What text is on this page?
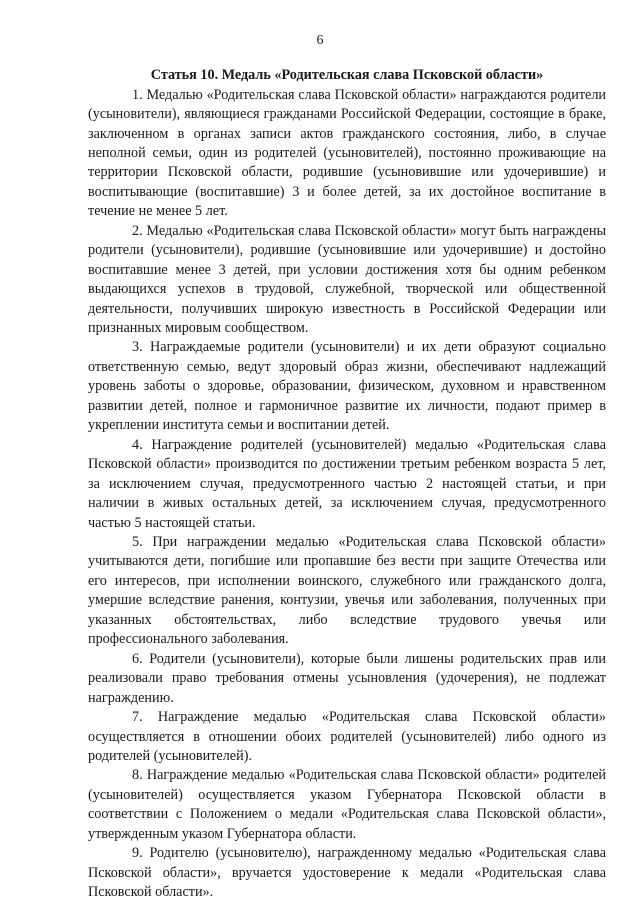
6
Статья 10. Медаль «Родительская слава Псковской области»

1. Медалью «Родительская слава Псковской области» награждаются родители (усыновители), являющиеся гражданами Российской Федерации, состоящие в браке, заключенном в органах записи актов гражданского состояния, либо, в случае неполной семьи, один из родителей (усыновителей), постоянно проживающие на территории Псковской области, родившие (усыновившие или удочерившие) и воспитывающие (воспитавшие) 3 и более детей, за их достойное воспитание в течение не менее 5 лет.

2. Медалью «Родительская слава Псковской области» могут быть награждены родители (усыновители), родившие (усыновившие или удочерившие) и достойно воспитавшие менее 3 детей, при условии достижения хотя бы одним ребенком выдающихся успехов в трудовой, служебной, творческой или общественной деятельности, получивших широкую известность в Российской Федерации или признанных мировым сообществом.

3. Награждаемые родители (усыновители) и их дети образуют социально ответственную семью, ведут здоровый образ жизни, обеспечивают надлежащий уровень заботы о здоровье, образовании, физическом, духовном и нравственном развитии детей, полное и гармоничное развитие их личности, подают пример в укреплении института семьи и воспитании детей.

4. Награждение родителей (усыновителей) медалью «Родительская слава Псковской области» производится по достижении третьим ребенком возраста 5 лет, за исключением случая, предусмотренного частью 2 настоящей статьи, и при наличии в живых остальных детей, за исключением случая, предусмотренного частью 5 настоящей статьи.

5. При награждении медалью «Родительская слава Псковской области» учитываются дети, погибшие или пропавшие без вести при защите Отечества или его интересов, при исполнении воинского, служебного или гражданского долга, умершие вследствие ранения, контузии, увечья или заболевания, полученных при указанных обстоятельствах, либо вследствие трудового увечья или профессионального заболевания.

6. Родители (усыновители), которые были лишены родительских прав или реализовали право требования отмены усыновления (удочерения), не подлежат награждению.

7. Награждение медалью «Родительская слава Псковской области» осуществляется в отношении обоих родителей (усыновителей) либо одного из родителей (усыновителей).

8. Награждение медалью «Родительская слава Псковской области» родителей (усыновителей) осуществляется указом Губернатора Псковской области в соответствии с Положением о медали «Родительская слава Псковской области», утвержденным указом Губернатора области.

9. Родителю (усыновителю), награжденному медалью «Родительская слава Псковской области», вручается удостоверение к медали «Родительская слава Псковской области».
